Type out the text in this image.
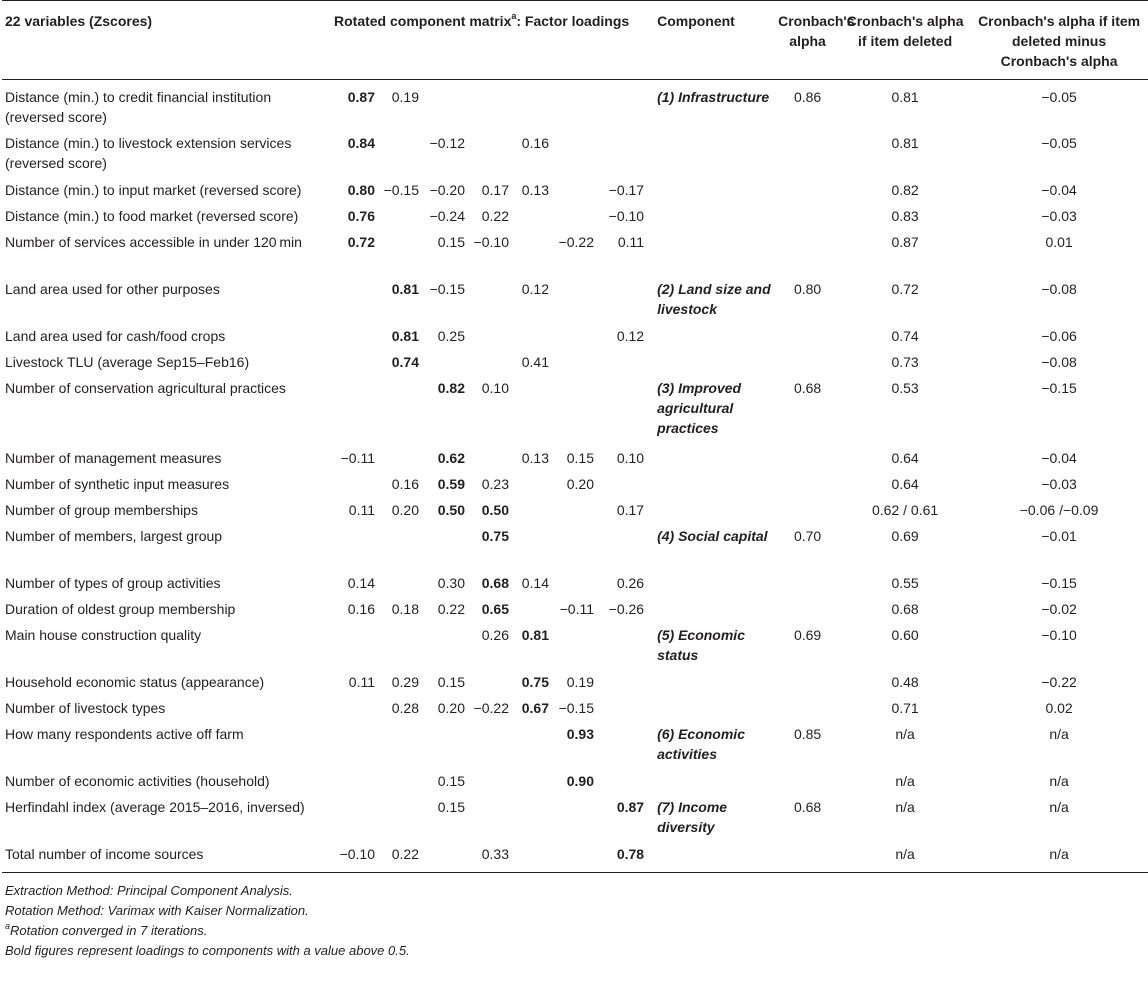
22 variables (Zscores)	Rotated component matrix$^a$: Factor loadings							Component	Cronbach's alpha	Cronbach's alpha if item deleted	Cronbach's alpha if item deleted minus Cronbach's alpha
Distance (min.) to credit financial institution (reversed score)	0.87	0.19						(1) Infrastructure	0.86	0.81	−0.05
Distance (min.) to livestock extension services (reversed score)	0.84		−0.12		0.16					0.81	−0.05
Distance (min.) to input market (reversed score)	0.80	−0.15	−0.20	0.17	0.13		−0.17			0.82	−0.04
Distance (min.) to food market (reversed score)	0.76		−0.24	0.22			−0.10			0.83	−0.03
Number of services accessible in under 120 min	0.72		0.15	−0.10		−0.22	0.11			0.87	0.01
Land area used for other purposes		0.81	−0.15		0.12			(2) Land size and livestock	0.80	0.72	−0.08
Land area used for cash/food crops		0.81	0.25				0.12			0.74	−0.06
Livestock TLU (average Sep15–Feb16)		0.74			0.41					0.73	−0.08
Number of conservation agricultural practices			0.82	0.10				(3) Improved agricultural practices	0.68	0.53	−0.15
Number of management measures	−0.11		0.62		0.13	0.15	0.10			0.64	−0.04
Number of synthetic input measures		0.16	0.59	0.23		0.20				0.64	−0.03
Number of group memberships	0.11	0.20	0.50	0.50			0.17			0.62 / 0.61	−0.06 /−0.09
Number of members, largest group				0.75				(4) Social capital	0.70	0.69	−0.01
Number of types of group activities	0.14		0.30	0.68	0.14		0.26			0.55	−0.15
Duration of oldest group membership	0.16	0.18	0.22	0.65		−0.11	−0.26			0.68	−0.02
Main house construction quality				0.26	0.81			(5) Economic status	0.69	0.60	−0.10
Household economic status (appearance)	0.11	0.29	0.15		0.75	0.19				0.48	−0.22
Number of livestock types		0.28	0.20	−0.22	0.67	−0.15				0.71	0.02
How many respondents active off farm						0.93		(6) Economic activities	0.85	n/a	n/a
Number of economic activities (household)			0.15			0.90				n/a	n/a
Herfindahl index (average 2015–2016, inversed)			0.15				0.87	(7) Income diversity	0.68	n/a	n/a
Total number of income sources	−0.10	0.22		0.33			0.78			n/a	n/a
Extraction Method: Principal Component Analysis.
Rotation Method: Varimax with Kaiser Normalization.
$^a$Rotation converged in 7 iterations.
Bold figures represent loadings to components with a value above 0.5.
